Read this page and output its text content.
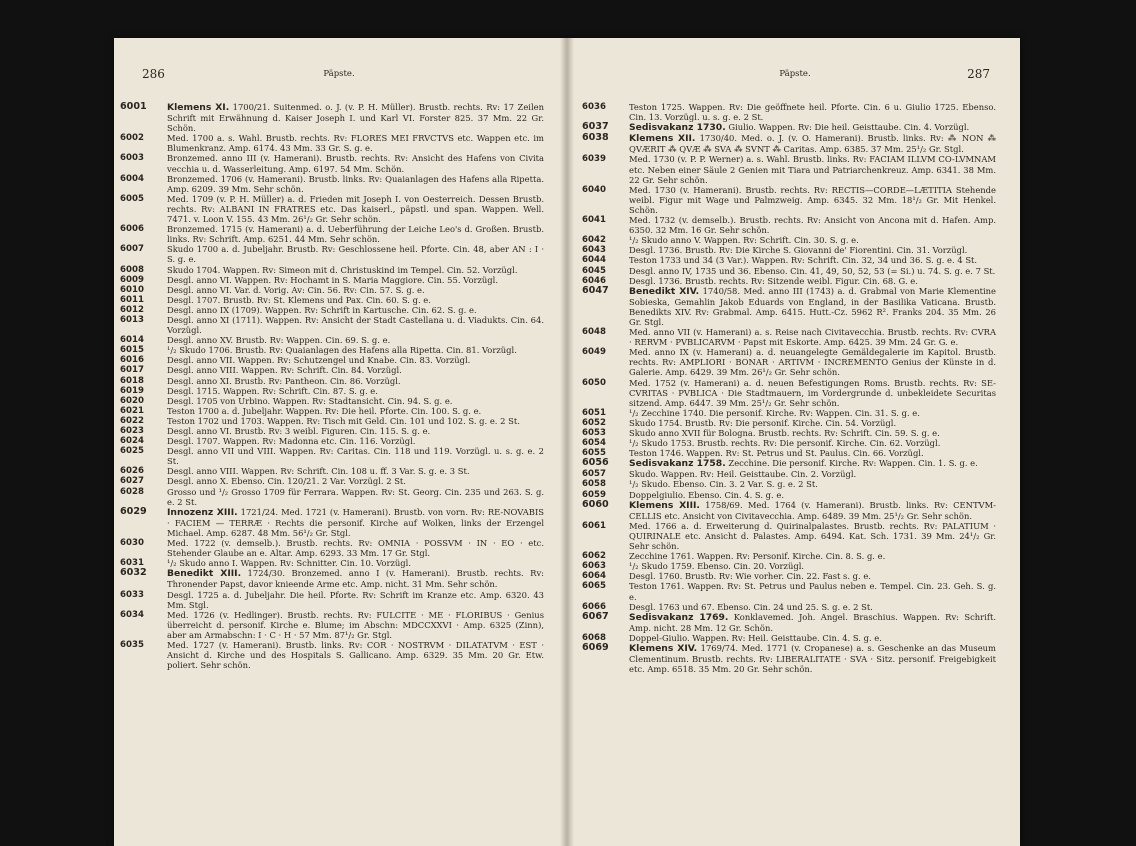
286	Päpste.
6001 Klemens XI. 1700/21. Suitenmed. o. J. (v. P. H. Müller). Brustb. rechts. Rv: 17 Zeilen Schrift mit Erwähnung d. Kaiser Joseph I. und Karl VI. Forster 825. 37 Mm. 22 Gr. Schön.
6002	Med. 1700 a. s. Wahl. Brustb. rechts. Rv: FLORES MEI FRVCTVS etc. Wappen etc. im Blumenkranz. Amp. 6174. 43 Mm. 33 Gr. S. g. e.
6003	Bronzemed. anno III (v. Hamerani). Brustb. rechts. Rv: Ansicht des Hafens von Civita vecchia u. d. Wasserleitung. Amp. 6197. 54 Mm. Schön.
6004	Bronzemed. 1706 (v. Hamerani). Brustb. links. Rv: Quaianlagen des Hafens alla Ripetta. Amp. 6209. 39 Mm. Sehr schön.
6005	Med. 1709 (v. P. H. Müller) a. d. Frieden mit Joseph I. von Oesterreich. Dessen Brustb. rechts. Rv: ALBANI IN FRATRES etc. Das kaiserl., päpstl. und span. Wappen. Well. 7471. v. Loon V. 155. 43 Mm. 26¹/₂ Gr. Sehr schön.
6006	Bronzemed. 1715 (v. Hamerani) a. d. Ueberführung der Leiche Leo's d. Großen. Brustb. links. Rv: Schrift. Amp. 6251. 44 Mm. Sehr schön.
6007	Skudo 1700 a. d. Jubeljahr. Brustb. Rv: Geschlossene heil. Pforte. Cin. 48, aber AN : I · S. g. e.
6008	Skudo 1704. Wappen. Rv: Simeon mit d. Christuskind im Tempel. Cin. 52. Vorzügl.
6009	Desgl. anno VI. Wappen. Rv: Hochamt in S. Maria Maggiore. Cin. 55. Vorzügl.
6010	Desgl. anno VI. Var. d. Vorig. Av: Cin. 56. Rv: Cin. 57. S. g. e.
6011	Desgl. 1707. Brustb. Rv: St. Klemens und Pax. Cin. 60. S. g. e.
6012	Desgl. anno IX (1709). Wappen. Rv: Schrift in Kartusche. Cin. 62. S. g. e.
6013	Desgl. anno XI (1711). Wappen. Rv: Ansicht der Stadt Castellana u. d. Viadukts. Cin. 64. Vorzügl.
6014	Desgl. anno XV. Brustb. Rv: Wappen. Cin. 69. S. g. e.
6015	¹/₂ Skudo 1706. Brustb. Rv: Quaianlagen des Hafens alla Ripetta. Cin. 81. Vorzügl.
6016	Desgl. anno VII. Wappen. Rv: Schutzengel und Knabe. Cin. 83. Vorzügl.
6017	Desgl. anno VIII. Wappen. Rv: Schrift. Cin. 84. Vorzügl.
6018	Desgl. anno XI. Brustb. Rv: Pantheon. Cin. 86. Vorzügl.
6019	Desgl. 1715. Wappen. Rv: Schrift. Cin. 87. S. g. e.
6020	Desgl. 1705 von Urbino. Wappen. Rv: Stadtansicht. Cin. 94. S. g. e.
6021	Teston 1700 a. d. Jubeljahr. Wappen. Rv: Die heil. Pforte. Cin. 100. S. g. e.
6022	Teston 1702 und 1703. Wappen. Rv: Tisch mit Geld. Cin. 101 und 102. S. g. e. 2 St.
6023	Desgl. anno VI. Brustb. Rv: 3 weibl. Figuren. Cin. 115. S. g. e.
6024	Desgl. 1707. Wappen. Rv: Madonna etc. Cin. 116. Vorzügl.
6025	Desgl. anno VII und VIII. Wappen. Rv: Caritas. Cin. 118 und 119. Vorzügl. u. s. g. e. 2 St.
6026	Desgl. anno VIII. Wappen. Rv: Schrift. Cin. 108 u. ff. 3 Var. S. g. e. 3 St.
6027	Desgl. anno X. Ebenso. Cin. 120/21. 2 Var. Vorzügl. 2 St.
6028	Grosso und ¹/₂ Grosso 1709 für Ferrara. Wappen. Rv: St. Georg. Cin. 235 und 263. S. g. e. 2 St.
6029 Innozenz XIII. 1721/24. Med. 1721 (v. Hamerani). Brustb. von vorn. Rv: RE-NOVABIS · FACIEM — TERRÆ · Rechts die personif. Kirche auf Wolken, links der Erzengel Michael. Amp. 6287. 48 Mm. 56¹/₂ Gr. Stgl.
6030	Med. 1722 (v. demselb.). Brustb. rechts. Rv: OMNIA · POSSVM · IN · EO · etc. Stehender Glaube an e. Altar. Amp. 6293. 33 Mm. 17 Gr. Stgl.
6031	¹/₂ Skudo anno I. Wappen. Rv: Schnitter. Cin. 10. Vorzügl.
6032 Benedikt XIII. 1724/30. Bronzemed. anno I (v. Hamerani). Brustb. rechts. Rv: Thronender Papst, davor knieende Arme etc. Amp. nicht. 31 Mm. Sehr schön.
6033	Desgl. 1725 a. d. Jubeljahr. Die heil. Pforte. Rv: Schrift im Kranze etc. Amp. 6320. 43 Mm. Stgl.
6034	Med. 1726 (v. Hedlinger). Brustb. rechts. Rv: FULCITE · ME · FLORIBUS · Genius überreicht d. personif. Kirche e. Blume; im Abschn: MDCCXXVI · Amp. 6325 (Zinn), aber am Armabschn: I · C · H · 57 Mm. 87¹/₂ Gr. Stgl.
6035	Med. 1727 (v. Hamerani). Brustb. links. Rv: COR · NOSTRVM · DILATATVM · EST · Ansicht d. Kirche und des Hospitals S. Gallicano. Amp. 6329. 35 Mm. 20 Gr. Etw. poliert. Sehr schön.
Päpste.	287
6036	Teston 1725. Wappen. Rv: Die geöffnete heil. Pforte. Cin. 6 u. Giulio 1725. Ebenso. Cin. 13. Vorzügl. u. s. g. e. 2 St.
6037 Sedisvakanz 1730. Giulio. Wappen. Rv: Die heil. Geisttaube. Cin. 4. Vorzügl.
6038 Klemens XII. 1730/40. Med. o. J. (v. O. Hamerani). Brustb. links. Rv: ⁂ NON ⁂ QVÆRIT ⁂ QVÆ ⁂ SVA ⁂ SVNT ⁂ Caritas. Amp. 6385. 37 Mm. 25¹/₂ Gr. Stgl.
6039	Med. 1730 (v. P. P. Werner) a. s. Wahl. Brustb. links. Rv: FACIAM ILLVM CO-LVMNAM etc. Neben einer Säule 2 Genien mit Tiara und Patriarchenkreuz. Amp. 6341. 38 Mm. 22 Gr. Sehr schön.
6040	Med. 1730 (v. Hamerani). Brustb. rechts. Rv: RECTIS—CORDE—LÆTITIA Stehende weibl. Figur mit Wage und Palmzweig. Amp. 6345. 32 Mm. 18¹/₂ Gr. Mit Henkel. Schön.
6041	Med. 1732 (v. demselb.). Brustb. rechts. Rv: Ansicht von Ancona mit d. Hafen. Amp. 6350. 32 Mm. 16 Gr. Sehr schön.
6042	¹/₂ Skudo anno V. Wappen. Rv: Schrift. Cin. 30. S. g. e.
6043	Desgl. 1736. Brustb. Rv: Die Kirche S. Giovanni de' Fiorentini. Cin. 31. Vorzügl.
6044	Teston 1733 und 34 (3 Var.). Wappen. Rv: Schrift. Cin. 32, 34 und 36. S. g. e. 4 St.
6045	Desgl. anno IV, 1735 und 36. Ebenso. Cin. 41, 49, 50, 52, 53 (= Si.) u. 74. S. g. e. 7 St.
6046	Desgl. 1736. Brustb. rechts. Rv: Sitzende weibl. Figur. Cin. 68. G. e.
6047 Benedikt XIV. 1740/58. Med. anno III (1743) a. d. Grabmal von Marie Klementine Sobieska, Gemahlin Jakob Eduards von England, in der Basilika Vaticana. Brustb. Benedikts XIV. Rv: Grabmal. Amp. 6415. Hutt.-Cz. 5962 R². Franks 204. 35 Mm. 26 Gr. Stgl.
6048	Med. anno VII (v. Hamerani) a. s. Reise nach Civitavecchia. Brustb. rechts. Rv: CVRA · RERVM · PVBLICARVM · Papst mit Eskorte. Amp. 6425. 39 Mm. 24 Gr. G. e.
6049	Med. anno IX (v. Hamerani) a. d. neuangelegte Gemäldegalerie im Kapitol. Brustb. rechts. Rv: AMPLIORI · BONAR · ARTIVM · INCREMENTO Genius der Künste in d. Galerie. Amp. 6429. 39 Mm. 26¹/₂ Gr. Sehr schön.
6050	Med. 1752 (v. Hamerani) a. d. neuen Befestigungen Roms. Brustb. rechts. Rv: SE-CVRITAS · PVBLICA · Die Stadtmauern, im Vordergrunde d. unbekleidete Securitas sitzend. Amp. 6447. 39 Mm. 25¹/₂ Gr. Sehr schön.
6051	¹/₂ Zecchine 1740. Die personif. Kirche. Rv: Wappen. Cin. 31. S. g. e.
6052	Skudo 1754. Brustb. Rv: Die personif. Kirche. Cin. 54. Vorzügl.
6053	Skudo anno XVII für Bologna. Brustb. rechts. Rv: Schrift. Cin. 59. S. g. e.
6054	¹/₂ Skudo 1753. Brustb. rechts. Rv: Die personif. Kirche. Cin. 62. Vorzügl.
6055	Teston 1746. Wappen. Rv: St. Petrus und St. Paulus. Cin. 66. Vorzügl.
6056 Sedisvakanz 1758. Zecchine. Die personif. Kirche. Rv: Wappen. Cin. 1. S. g. e.
6057	Skudo. Wappen. Rv: Heil. Geisttaube. Cin. 2. Vorzügl.
6058	¹/₂ Skudo. Ebenso. Cin. 3. 2 Var. S. g. e. 2 St.
6059	Doppelgiulio. Ebenso. Cin. 4. S. g. e.
6060 Klemens XIII. 1758/69. Med. 1764 (v. Hamerani). Brustb. links. Rv: CENTVM-CELLIS etc. Ansicht von Civitavecchia. Amp. 6489. 39 Mm. 25¹/₂ Gr. Sehr schön.
6061	Med. 1766 a. d. Erweiterung d. Quirinalpalastes. Brustb. rechts. Rv: PALATIUM · QUIRINALE etc. Ansicht d. Palastes. Amp. 6494. Kat. Sch. 1731. 39 Mm. 24¹/₂ Gr. Sehr schön.
6062	Zecchine 1761. Wappen. Rv: Personif. Kirche. Cin. 8. S. g. e.
6063	¹/₂ Skudo 1759. Ebenso. Cin. 20. Vorzügl.
6064	Desgl. 1760. Brustb. Rv: Wie vorher. Cin. 22. Fast s. g. e.
6065	Teston 1761. Wappen. Rv: St. Petrus und Paulus neben e. Tempel. Cin. 23. Geh. S. g. e.
6066	Desgl. 1763 und 67. Ebenso. Cin. 24 und 25. S. g. e. 2 St.
6067 Sedisvakanz 1769. Konklavemed. Joh. Angel. Braschius. Wappen. Rv: Schrift. Amp. nicht. 28 Mm. 12 Gr. Schön.
6068	Doppel-Giulio. Wappen. Rv: Heil. Geisttaube. Cin. 4. S. g. e.
6069 Klemens XIV. 1769/74. Med. 1771 (v. Cropanese) a. s. Geschenke an das Museum Clementinum. Brustb. rechts. Rv: LIBERALITATE · SVA · Sitz. personif. Freigebigkeit etc. Amp. 6518. 35 Mm. 20 Gr. Sehr schön.
